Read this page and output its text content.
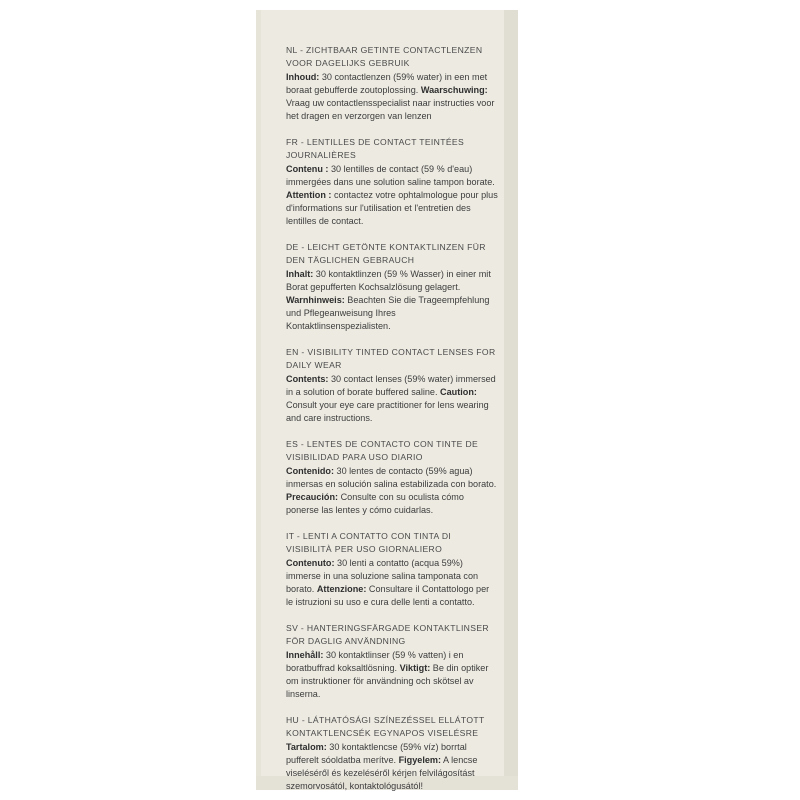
NL - ZICHTBAAR GETINTE CONTACTLENZEN VOOR DAGELIJKS GEBRUIK

Inhoud: 30 contactlenzen (59% water) in een met boraat gebufferde zoutoplossing. Waarschuwing: Vraag uw contactlensspecialist naar instructies voor het dragen en verzorgen van lenzen

FR - LENTILLES DE CONTACT TEINTÉES JOURNALIÈRES

Contenu : 30 lentilles de contact (59 % d'eau) immergées dans une solution saline tampon borate. Attention : contactez votre ophtalmologue pour plus d'informations sur l'utilisation et l'entretien des lentilles de contact.

DE - LEICHT GETÖNTE KONTAKTLINZEN FÜR DEN TÄGLICHEN GEBRAUCH

Inhalt: 30 kontaktlinzen (59 % Wasser) in einer mit Borat gepufferten Kochsalzlösung gelagert. Warnhinweis: Beachten Sie die Trageempfehlung und Pflegeanweisung Ihres Kontaktlinsenspezialisten.

EN - VISIBILITY TINTED CONTACT LENSES FOR DAILY WEAR

Contents: 30 contact lenses (59% water) immersed in a solution of borate buffered saline. Caution: Consult your eye care practitioner for lens wearing and care instructions.

ES - LENTES DE CONTACTO CON TINTE DE VISIBILIDAD PARA USO DIARIO

Contenido: 30 lentes de contacto (59% agua) inmersas en solución salina estabilizada con borato. Precaución: Consulte con su oculista cómo ponerse las lentes y cómo cuidarlas.

IT - LENTI A CONTATTO CON TINTA DI VISIBILITÀ PER USO GIORNALIERO

Contenuto: 30 lenti a contatto (acqua 59%) immerse in una soluzione salina tamponata con borato. Attenzione: Consultare il Contattologo per le istruzioni su uso e cura delle lenti a contatto.

SV - HANTERINGSFÄRGADE KONTAKTLINSER FÖR DAGLIG ANVÄNDNING

Innehåll: 30 kontaktlinser (59 % vatten) i en boratbuffrad koksaltlösning. Viktigt: Be din optiker om instruktioner för användning och skötsel av linserna.

HU - LÁTHATÓSÁGI SZÍNEZÉSSEL ELLÁTOTT KONTAKTLENCSÉK EGYNAPOS VISELÉSRE

Tartalom: 30 kontaktlencse (59% víz) borrtal pufferelt sóoldatba merítve. Figyelem: A lencse viseléséről és kezeléséről kérjen felvilágosítást szemorvosától, kontaktológusától!
